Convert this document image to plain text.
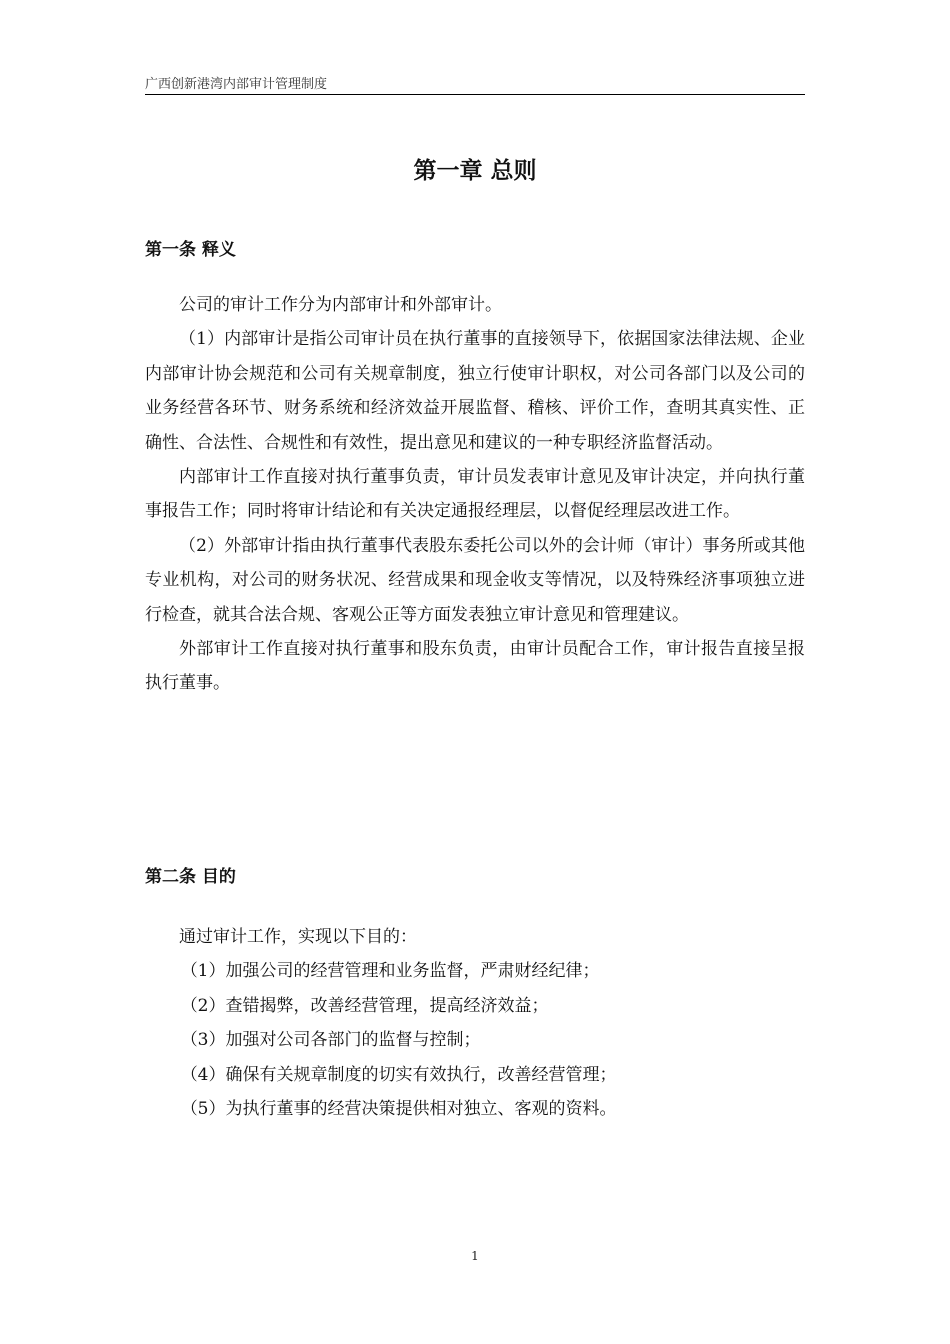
广西创新港湾内部审计管理制度
第一章 总则
第一条 释义

公司的审计工作分为内部审计和外部审计。

（1）内部审计是指公司审计员在执行董事的直接领导下，依据国家法律法规、企业内部审计协会规范和公司有关规章制度，独立行使审计职权，对公司各部门以及公司的业务经营各环节、财务系统和经济效益开展监督、稽核、评价工作，查明其真实性、正确性、合法性、合规性和有效性，提出意见和建议的一种专职经济监督活动。

内部审计工作直接对执行董事负责，审计员发表审计意见及审计决定，并向执行董事报告工作；同时将审计结论和有关决定通报经理层，以督促经理层改进工作。

（2）外部审计指由执行董事代表股东委托公司以外的会计师（审计）事务所或其他专业机构，对公司的财务状况、经营成果和现金收支等情况，以及特殊经济事项独立进行检查，就其合法合规、客观公正等方面发表独立审计意见和管理建议。

外部审计工作直接对执行董事和股东负责，由审计员配合工作，审计报告直接呈报执行董事。

第二条 目的

通过审计工作，实现以下目的：

（1）加强公司的经营管理和业务监督，严肃财经纪律；

（2）查错揭弊，改善经营管理，提高经济效益；

（3）加强对公司各部门的监督与控制；

（4）确保有关规章制度的切实有效执行，改善经营管理；

（5）为执行董事的经营决策提供相对独立、客观的资料。

1
